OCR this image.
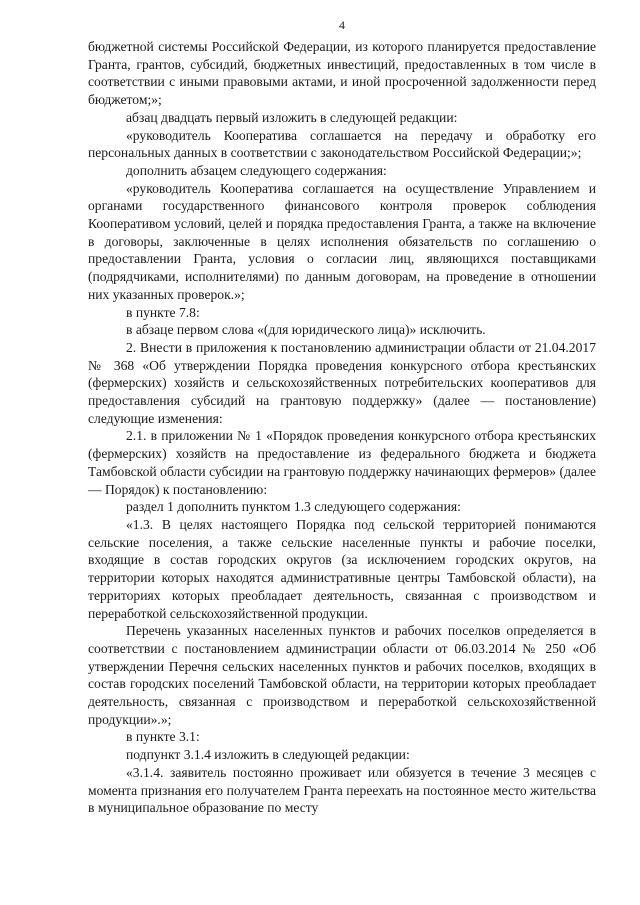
4

бюджетной системы Российской Федерации, из которого планируется предоставление Гранта, грантов, субсидий, бюджетных инвестиций, предоставленных в том числе в соответствии с иными правовыми актами, и иной просроченной задолженности перед бюджетом;»;

абзац двадцать первый изложить в следующей редакции:

«руководитель Кооператива соглашается на передачу и обработку его персональных данных в соответствии с законодательством Российской Федерации;»;

дополнить абзацем следующего содержания:

«руководитель Кооператива соглашается на осуществление Управлением и органами государственного финансового контроля проверок соблюдения Кооперативом условий, целей и порядка предоставления Гранта, а также на включение в договоры, заключенные в целях исполнения обязательств по соглашению о предоставлении Гранта, условия о согласии лиц, являющихся поставщиками (подрядчиками, исполнителями) по данным договорам, на проведение в отношении них указанных проверок.»;

в пункте 7.8:

в абзаце первом слова «(для юридического лица)» исключить.

2. Внести в приложения к постановлению администрации области от 21.04.2017 № 368 «Об утверждении Порядка проведения конкурсного отбора крестьянских (фермерских) хозяйств и сельскохозяйственных потребительских кооперативов для предоставления субсидий на грантовую поддержку» (далее — постановление) следующие изменения:

2.1. в приложении № 1 «Порядок проведения конкурсного отбора крестьянских (фермерских) хозяйств на предоставление из федерального бюджета и бюджета Тамбовской области субсидии на грантовую поддержку начинающих фермеров» (далее — Порядок) к постановлению:

раздел 1 дополнить пунктом 1.3 следующего содержания:

«1.3. В целях настоящего Порядка под сельской территорией понимаются сельские поселения, а также сельские населенные пункты и рабочие поселки, входящие в состав городских округов (за исключением городских округов, на территории которых находятся административные центры Тамбовской области), на территориях которых преобладает деятельность, связанная с производством и переработкой сельскохозяйственной продукции.

Перечень указанных населенных пунктов и рабочих поселков определяется в соответствии с постановлением администрации области от 06.03.2014 № 250 «Об утверждении Перечня сельских населенных пунктов и рабочих поселков, входящих в состав городских поселений Тамбовской области, на территории которых преобладает деятельность, связанная с производством и переработкой сельскохозяйственной продукции».»;

в пункте 3.1:

подпункт 3.1.4 изложить в следующей редакции:

«3.1.4. заявитель постоянно проживает или обязуется в течение 3 месяцев с момента признания его получателем Гранта переехать на постоянное место жительства в муниципальное образование по месту
